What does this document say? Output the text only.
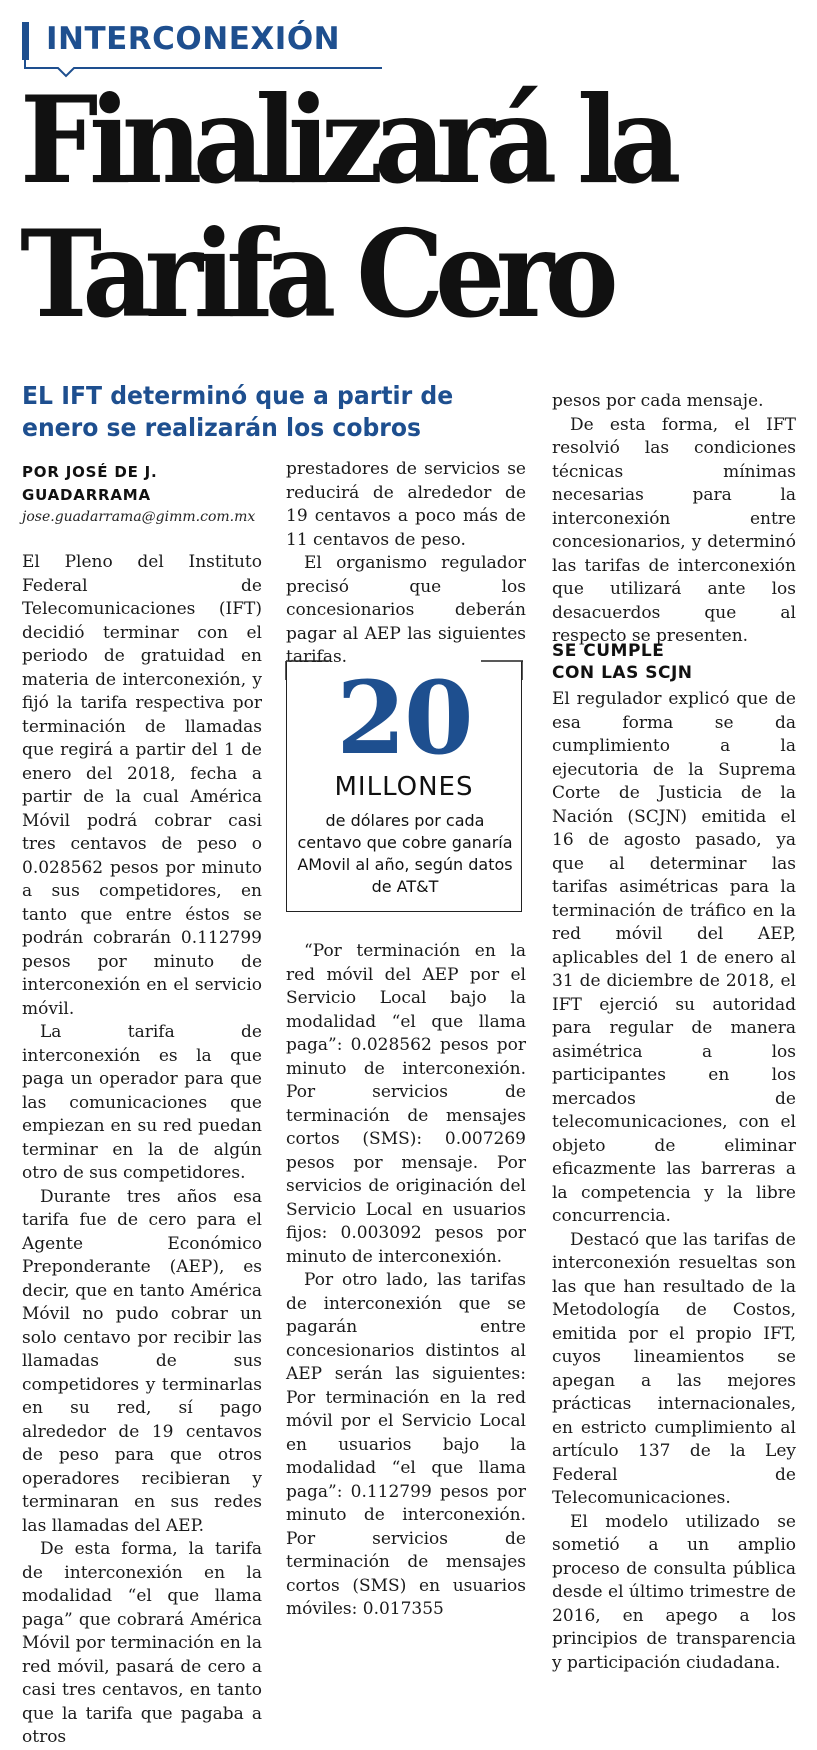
INTERCONEXIÓN
Finalizará la
Tarifa Cero
EL IFT determinó que a partir de
enero se realizarán los cobros
POR JOSÉ DE J.
GUADARRAMA
jose.guadarrama@gimm.com.mx

El Pleno del Instituto Federal de Telecomunicaciones (IFT) decidió terminar con el periodo de gratuidad en materia de interconexión, y fijó la tarifa respectiva por terminación de llamadas que regirá a partir del 1 de enero del 2018, fecha a partir de la cual América Móvil podrá cobrar casi tres centavos de peso o 0.028562 pesos por minuto a sus competidores, en tanto que entre éstos se podrán cobrarán 0.112799 pesos por minuto de interconexión en el servicio móvil.

La tarifa de interconexión es la que paga un operador para que las comunicaciones que empiezan en su red puedan terminar en la de algún otro de sus competidores.

Durante tres años esa tarifa fue de cero para el Agente Económico Preponderante (AEP), es decir, que en tanto América Móvil no pudo cobrar un solo centavo por recibir las llamadas de sus competidores y terminarlas en su red, sí pago alrededor de 19 centavos de peso para que otros operadores recibieran y terminaran en sus redes las llamadas del AEP.

De esta forma, la tarifa de interconexión en la modalidad “el que llama paga” que cobrará América Móvil por terminación en la red móvil, pasará de cero a casi tres centavos, en tanto que la tarifa que pagaba a otros

prestadores de servicios se reducirá de alrededor de 19 centavos a poco más de 11 centavos de peso.

El organismo regulador precisó que los concesionarios deberán pagar al AEP las siguientes tarifas.

20
MILLONES
de dólares por cada centavo que cobre ganaría AMovil al año, según datos de AT&T

“Por terminación en la red móvil del AEP por el Servicio Local bajo la modalidad “el que llama paga”: 0.028562 pesos por minuto de interconexión. Por servicios de terminación de mensajes cortos (SMS): 0.007269 pesos por mensaje. Por servicios de originación del Servicio Local en usuarios fijos: 0.003092 pesos por minuto de interconexión.

Por otro lado, las tarifas de interconexión que se pagarán entre concesionarios distintos al AEP serán las siguientes: Por terminación en la red móvil por el Servicio Local en usuarios bajo la modalidad “el que llama paga”: 0.112799 pesos por minuto de interconexión. Por servicios de terminación de mensajes cortos (SMS) en usuarios móviles: 0.017355

pesos por cada mensaje.

De esta forma, el IFT resolvió las condiciones técnicas mínimas necesarias para la interconexión entre concesionarios, y determinó las tarifas de interconexión que utilizará ante los desacuerdos que al respecto se presenten.

SE CUMPLE
CON LAS SCJN

El regulador explicó que de esa forma se da cumplimiento a la ejecutoria de la Suprema Corte de Justicia de la Nación (SCJN) emitida el 16 de agosto pasado, ya que al determinar las tarifas asimétricas para la terminación de tráfico en la red móvil del AEP, aplicables del 1 de enero al 31 de diciembre de 2018, el IFT ejerció su autoridad para regular de manera asimétrica a los participantes en los mercados de telecomunicaciones, con el objeto de eliminar eficazmente las barreras a la competencia y la libre concurrencia.

Destacó que las tarifas de interconexión resueltas son las que han resultado de la Metodología de Costos, emitida por el propio IFT, cuyos lineamientos se apegan a las mejores prácticas internacionales, en estricto cumplimiento al artículo 137 de la Ley Federal de Telecomunicaciones.

El modelo utilizado se sometió a un amplio proceso de consulta pública desde el último trimestre de 2016, en apego a los principios de transparencia y participación ciudadana.
